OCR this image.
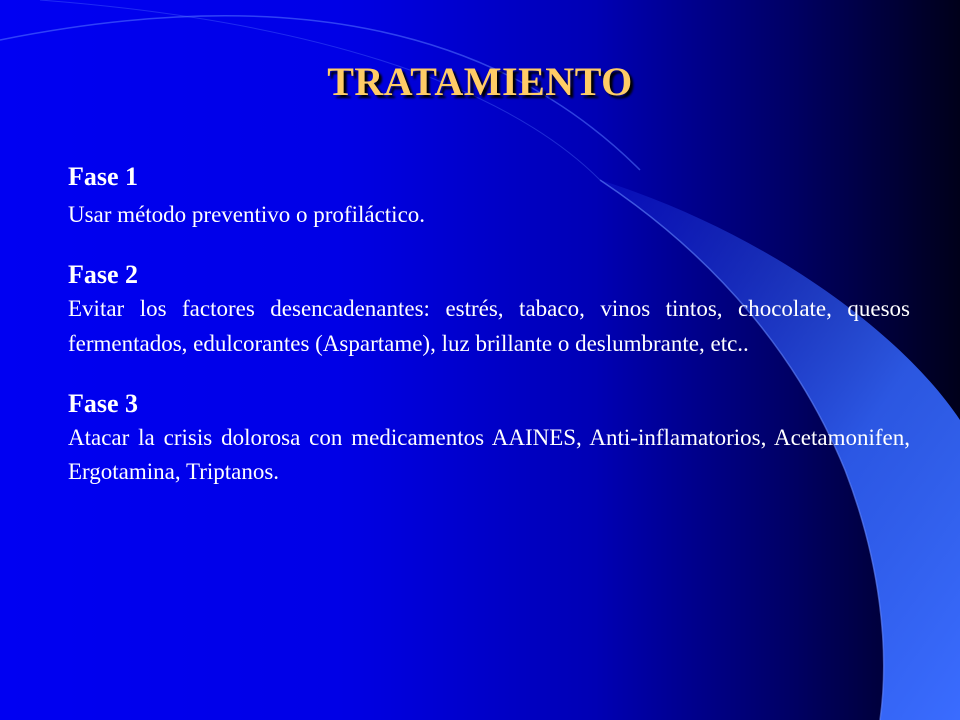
TRATAMIENTO

Fase 1

Usar método preventivo o profiláctico.

Fase 2

Evitar los factores desencadenantes: estrés, tabaco, vinos tintos, chocolate, quesos fermentados, edulcorantes (Aspartame), luz brillante o deslumbrante, etc..

Fase 3

Atacar la crisis dolorosa con medicamentos AAINES, Anti-inflamatorios, Acetamonifen, Ergotamina, Triptanos.
